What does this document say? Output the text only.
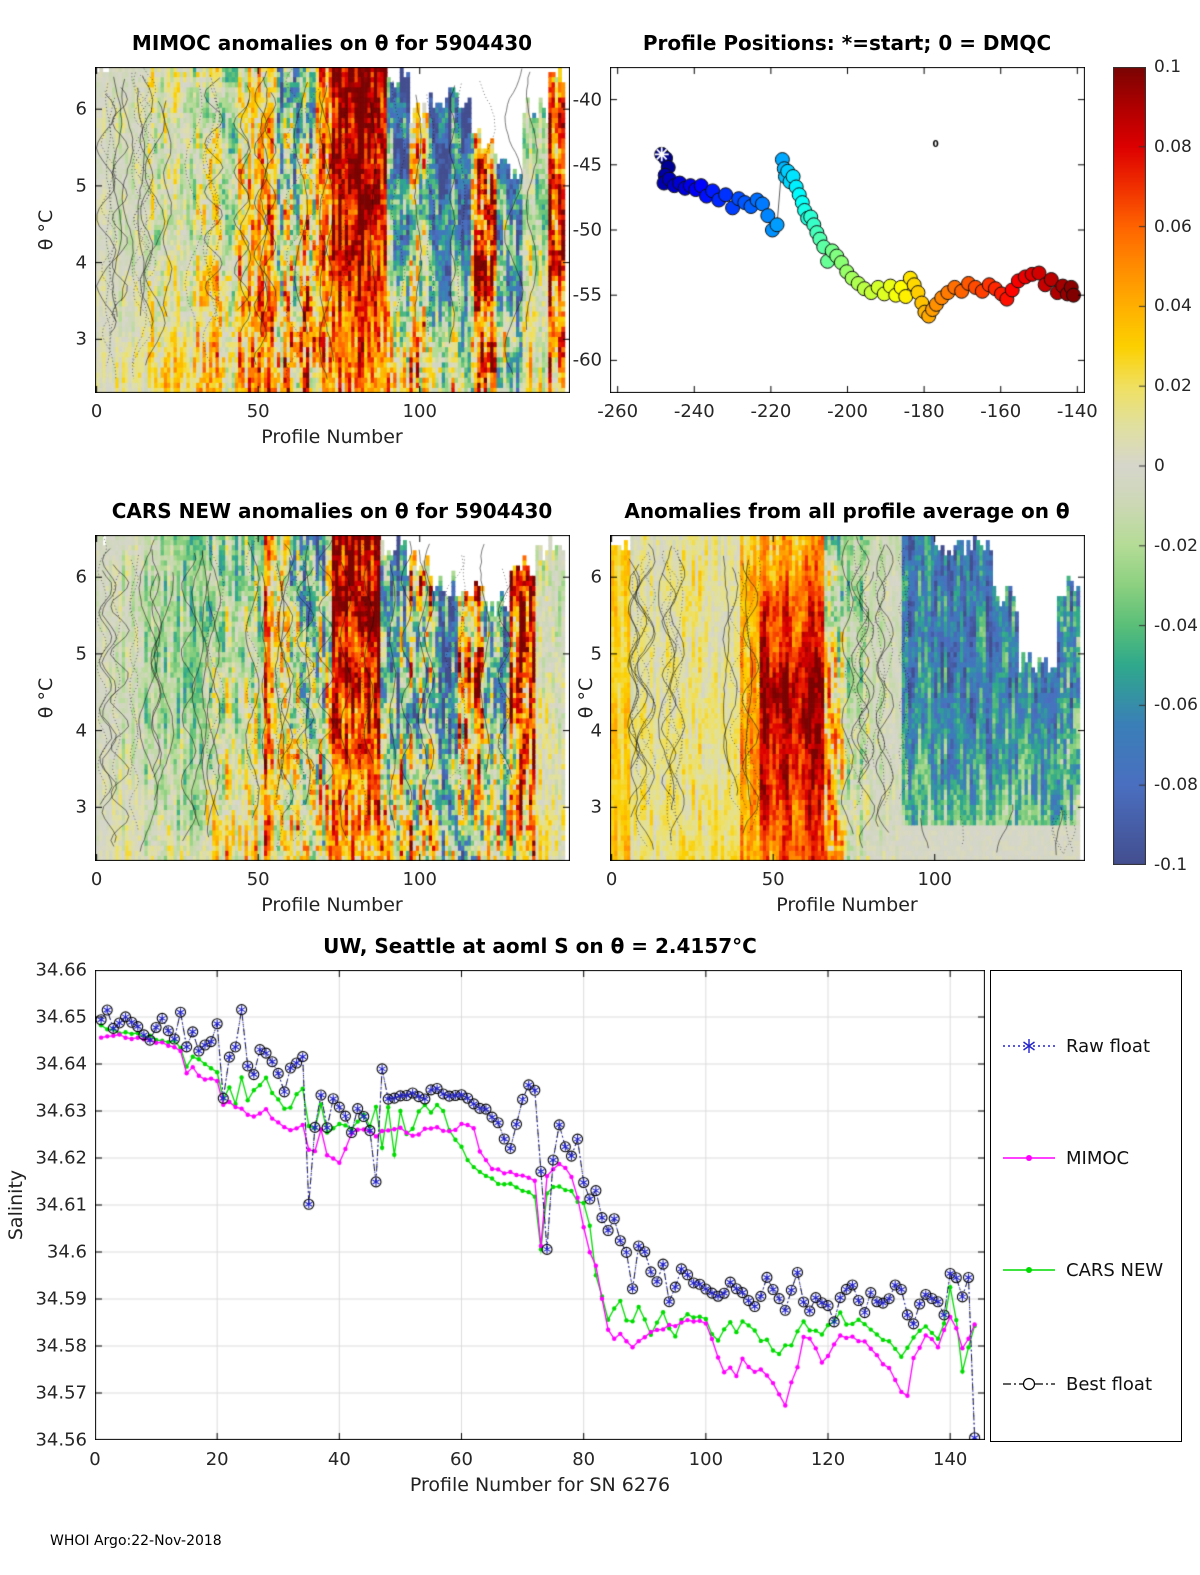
MIMOC anomalies on θ for 5904430	Profile Positions: *=start; 0 = DMQC
CARS NEW anomalies on θ for 5904430	Anomalies from all profile average on θ
UW, Seattle at aoml S on θ = 2.4157°C
Profile Number
Profile Number	Profile Number
Profile Number for SN 6276
θ °C
θ °C	θ °C
Salinity
Raw float
MIMOC
CARS NEW
Best float
WHOI Argo:22-Nov-2018
0	50	100
3
4
5
6
0	50	100
3
4
5
6
0	50	100
3
4
5
6
-260 -240 -220 -200 -180 -160 -140
-40
-45
-50
-55
-60
0.1
0.08
0.06
0.04
0.02
0
-0.02
-0.04
-0.06
-0.08
-0.1
0	20	40	60	80	100	120	140
34.56
34.57
34.58
34.59
34.6
34.61
34.62
34.63
34.64
34.65
34.66
